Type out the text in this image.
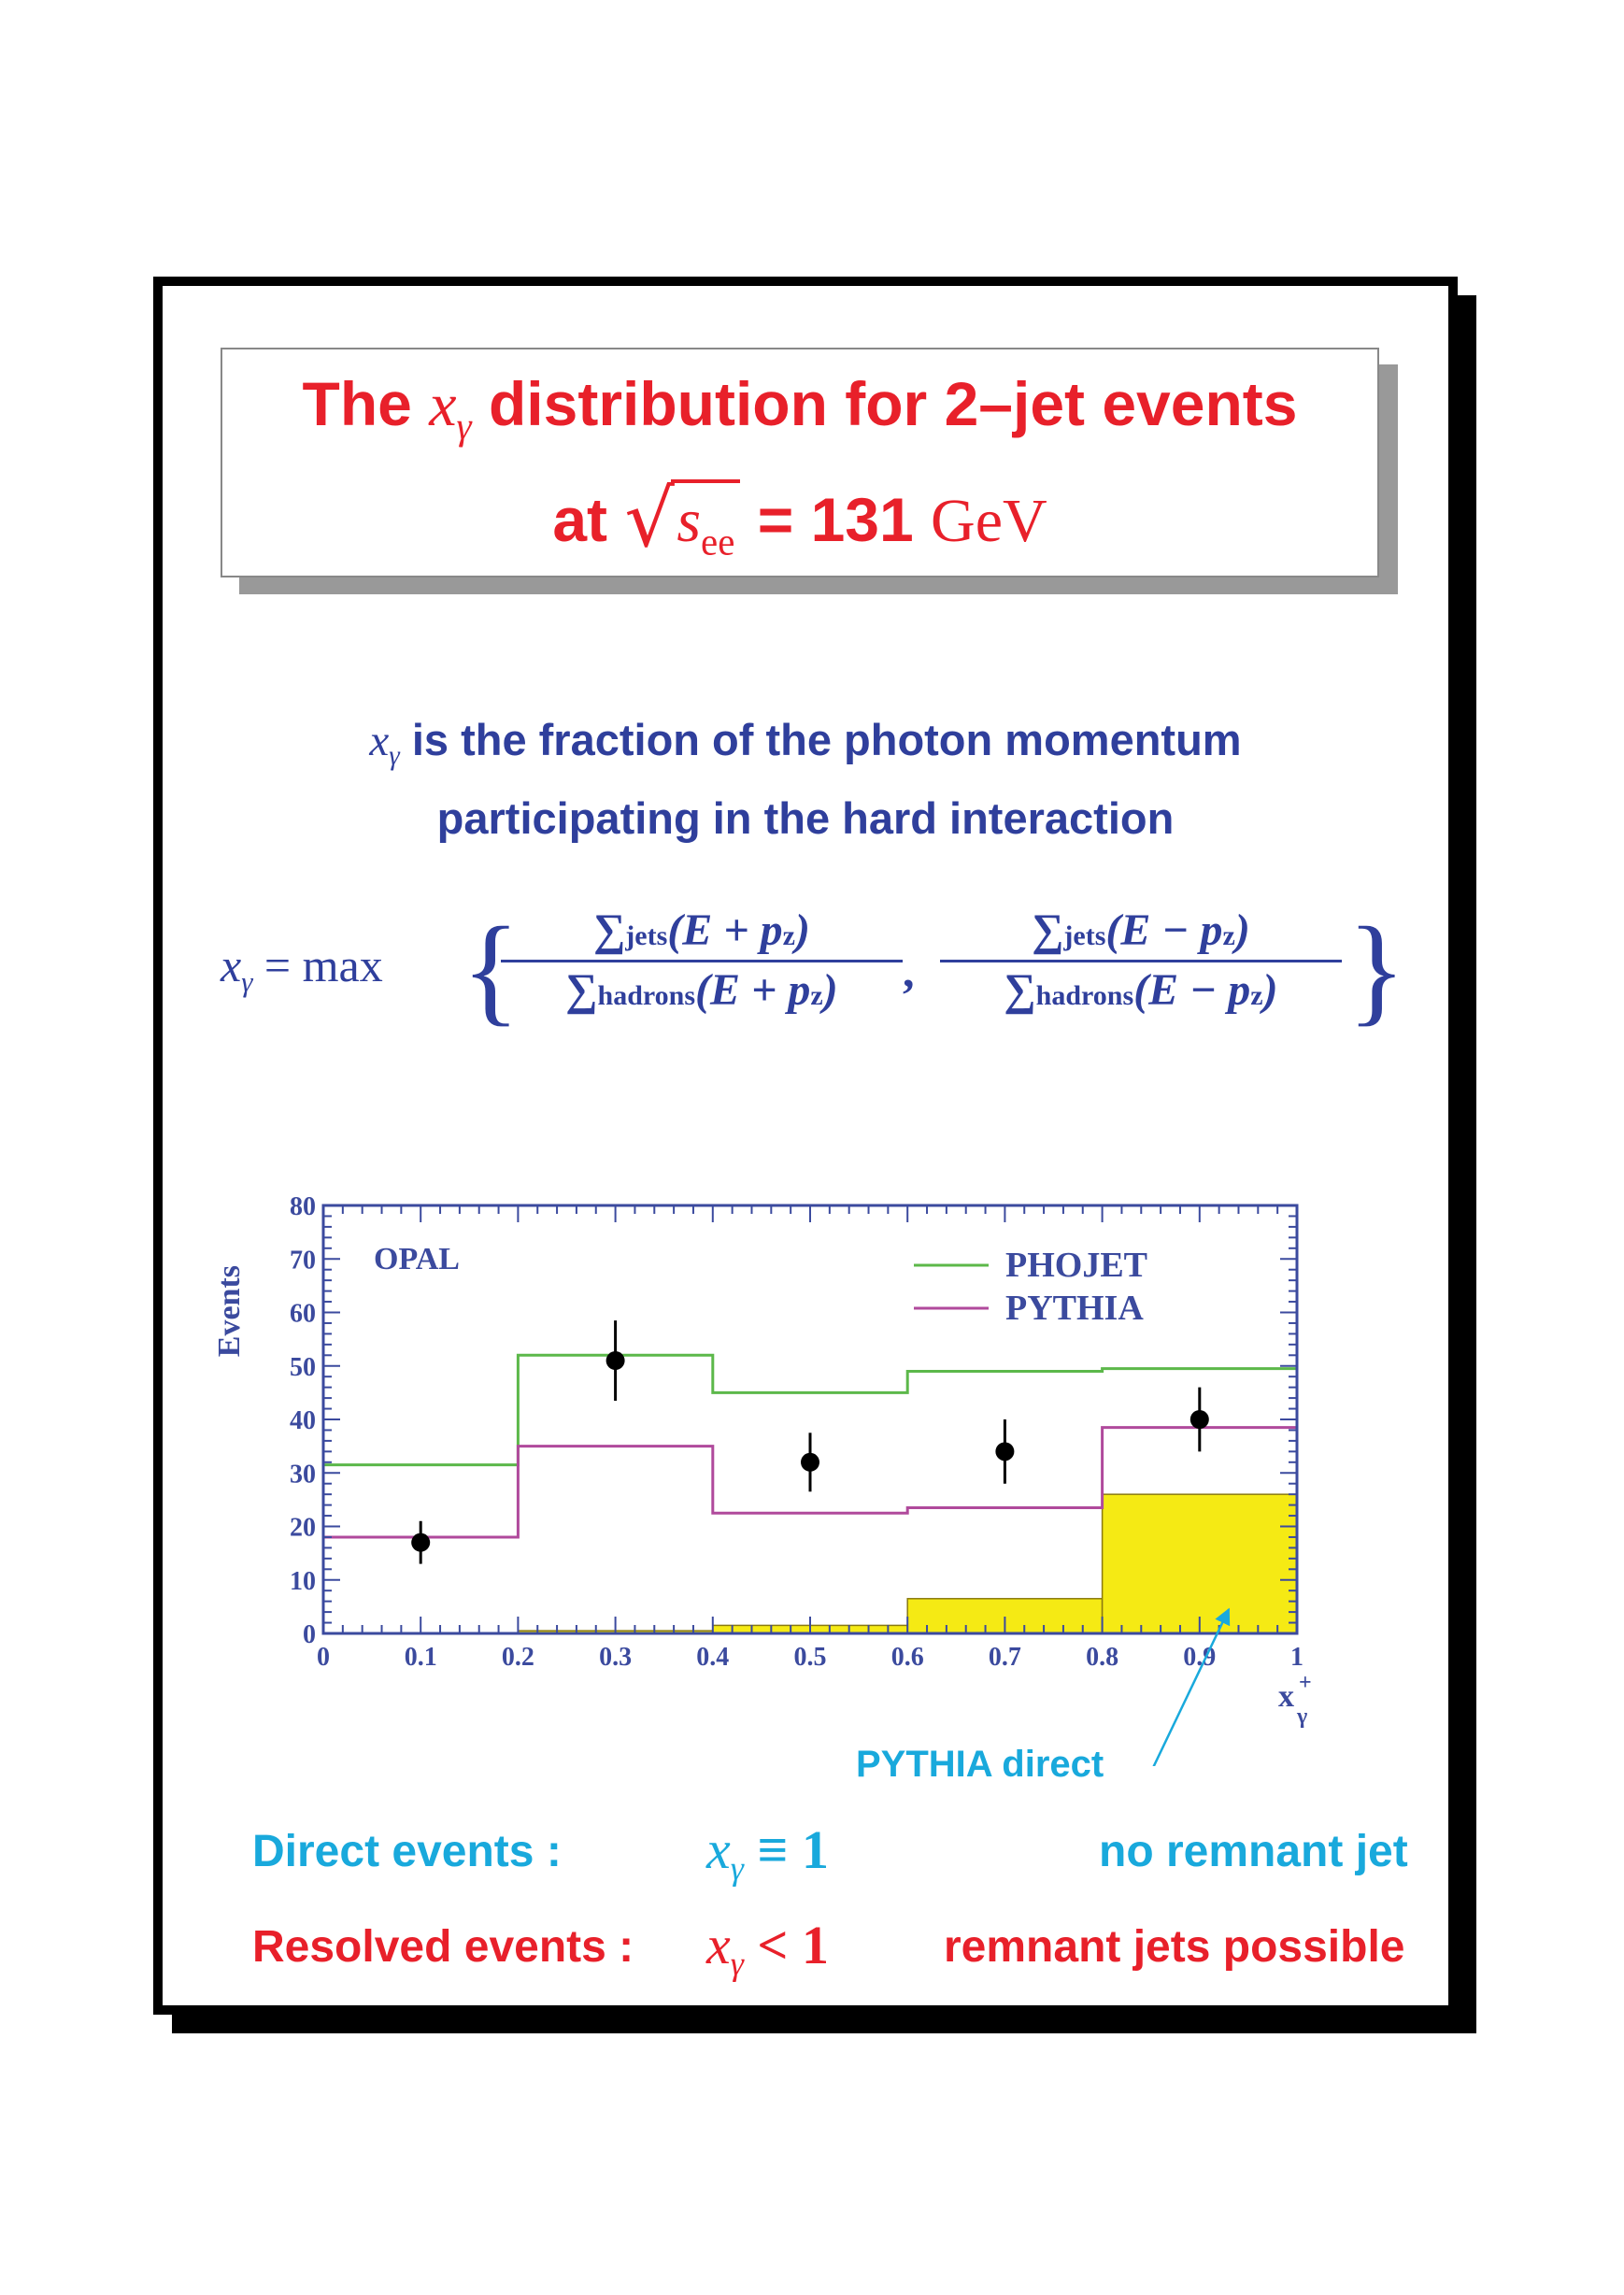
The $x_\gamma$ distribution for 2–jet events
at √ $s_{ee} = 131$ GeV
$x_\gamma$ is the fraction of the photon momentum
participating in the hard interaction
$x_\gamma = \max$ {	∑jets(E + pz)
∑hadrons(E + pz)	,
∑jets(E − pz)
∑hadrons(E − pz) }
0	0.1 0.2 0.3 0.4 0.5 0.6 0.7 0.8 0.9	1
0
10
20
30
40
50
60
70
80
Events
x +
γ
OPAL	PHOJET
PYTHIA
PYTHIA direct
Direct events :	$x_\gamma \equiv 1$	no remnant jet
Resolved events : $x_\gamma < 1$	remnant jets possible
